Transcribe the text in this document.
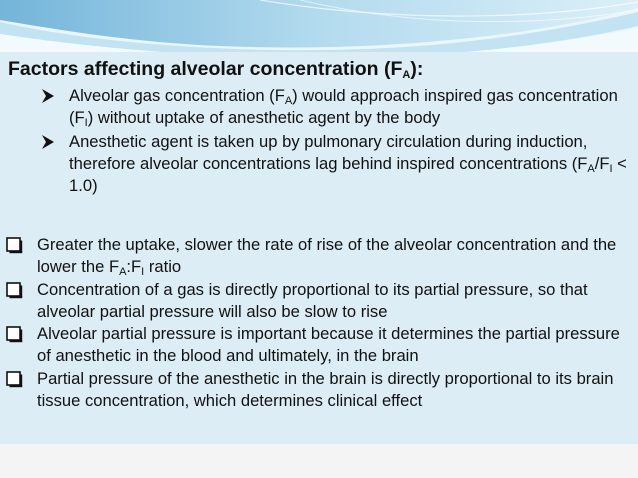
Factors affecting alveolar concentration $(F_A)$:
Alveolar gas concentration $(F_A)$ would approach inspired gas concentration $(F_I)$ without uptake of anesthetic agent by the body
Anesthetic agent is taken up by pulmonary circulation during induction, therefore alveolar concentrations lag behind inspired concentrations $(F_A/F_I < 1.0)$
Greater the uptake, slower the rate of rise of the alveolar concentration and the lower the $F_A:F_I$ ratio
Concentration of a gas is directly proportional to its partial pressure, so that alveolar partial pressure will also be slow to rise
Alveolar partial pressure is important because it determines the partial pressure of anesthetic in the blood and ultimately, in the brain
Partial pressure of the anesthetic in the brain is directly proportional to its brain tissue concentration, which determines clinical effect
